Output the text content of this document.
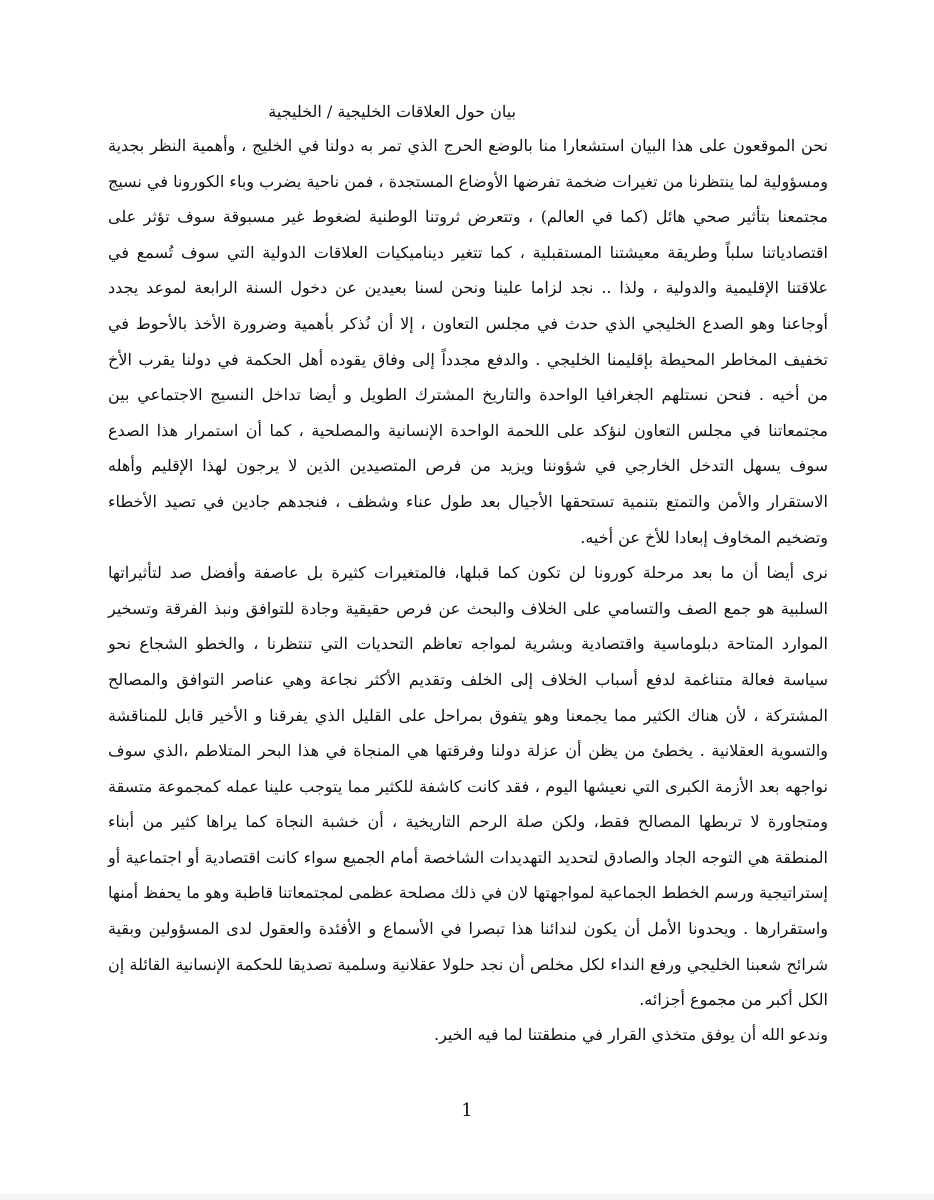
بيان حول العلاقات الخليجية / الخليجية

نحن الموقعون على هذا البيان استشعارا منا بالوضع الحرج الذي تمر به دولنا في الخليج ، وأهمية النظر بجدية ومسؤولية لما ينتظرنا من تغيرات ضخمة تفرضها الأوضاع المستجدة ، فمن ناحية يضرب وباء الكورونا في نسيج مجتمعنا بتأثير صحي هائل (كما في العالم) ، وتتعرض ثروتنا الوطنية لضغوط غير مسبوقة سوف تؤثر على اقتصادياتنا سلباً وطريقة معيشتنا المستقبلية ، كما تتغير ديناميكيات العلاقات الدولية التي سوف تُسمع في علاقتنا الإقليمية والدولية ، ولذا .. نجد لزاما علينا ونحن لسنا بعيدين عن دخول السنة الرابعة لموعد يجدد أوجاعنا وهو الصدع الخليجي الذي حدث في مجلس التعاون ، إلا أن نُذكر بأهمية وضرورة الأخذ بالأحوط في تخفيف المخاطر المحيطة بإقليمنا الخليجي . والدفع مجدداً إلى وفاق يقوده أهل الحكمة في دولنا يقرب الأخ من أخيه . فنحن نستلهم الجغرافيا الواحدة والتاريخ المشترك الطويل و أيضا تداخل النسيج الاجتماعي بين مجتمعاتنا في مجلس التعاون لنؤكد على اللحمة الواحدة الإنسانية والمصلحية ، كما أن استمرار هذا الصدع سوف يسهل التدخل الخارجي في شؤوننا ويزيد من فرص المتصيدين الذين لا يرجون لهذا الإقليم وأهله الاستقرار والأمن والتمتع بتنمية تستحقها الأجيال بعد طول عناء وشظف ، فنجدهم جادين في تصيد الأخطاء وتضخيم المخاوف إبعادا للأخ عن أخيه.

نرى أيضا أن ما بعد مرحلة كورونا لن تكون كما قبلها، فالمتغيرات كثيرة بل عاصفة وأفضل صد لتأثيراتها السلبية هو جمع الصف والتسامي على الخلاف والبحث عن فرص حقيقية وجادة للتوافق ونبذ الفرقة وتسخير الموارد المتاحة دبلوماسية واقتصادية وبشرية لمواجه تعاظم التحديات التي تنتظرنا ، والخطو الشجاع نحو سياسة فعالة متناغمة لدفع أسباب الخلاف إلى الخلف وتقديم الأكثر نجاعة وهي عناصر التوافق والمصالح المشتركة ، لأن هناك الكثير مما يجمعنا وهو يتفوق بمراحل على القليل الذي يفرقنا و الأخير قابل للمناقشة والتسوية العقلانية . يخطئ من يظن أن عزلة دولنا وفرقتها هي المنجاة في هذا البحر المتلاطم ،الذي سوف نواجهه بعد الأزمة الكبرى التي نعيشها اليوم ، فقد كانت كاشفة للكثير مما يتوجب علينا عمله كمجموعة متسقة ومتجاورة لا تربطها المصالح فقط، ولكن صلة الرحم التاريخية ، أن خشبة النجاة كما يراها كثير من أبناء المنطقة هي التوجه الجاد والصادق لتحديد التهديدات الشاخصة أمام الجميع سواء كانت اقتصادية أو اجتماعية أو إستراتيجية ورسم الخطط الجماعية لمواجهتها لان في ذلك مصلحة عظمى لمجتمعاتنا قاطبة وهو ما يحفظ أمنها واستقرارها . ويحدونا الأمل أن يكون لندائنا هذا تبصرا في الأسماع و الأفئدة والعقول لدى المسؤولين وبقية شرائح شعبنا الخليجي ورفع النداء لكل مخلص أن نجد حلولا عقلانية وسلمية تصديقا للحكمة الإنسانية القائلة إن الكل أكبر من مجموع أجزائه.

وندعو الله أن يوفق متخذي القرار في منطقتنا لما فيه الخير.
1
